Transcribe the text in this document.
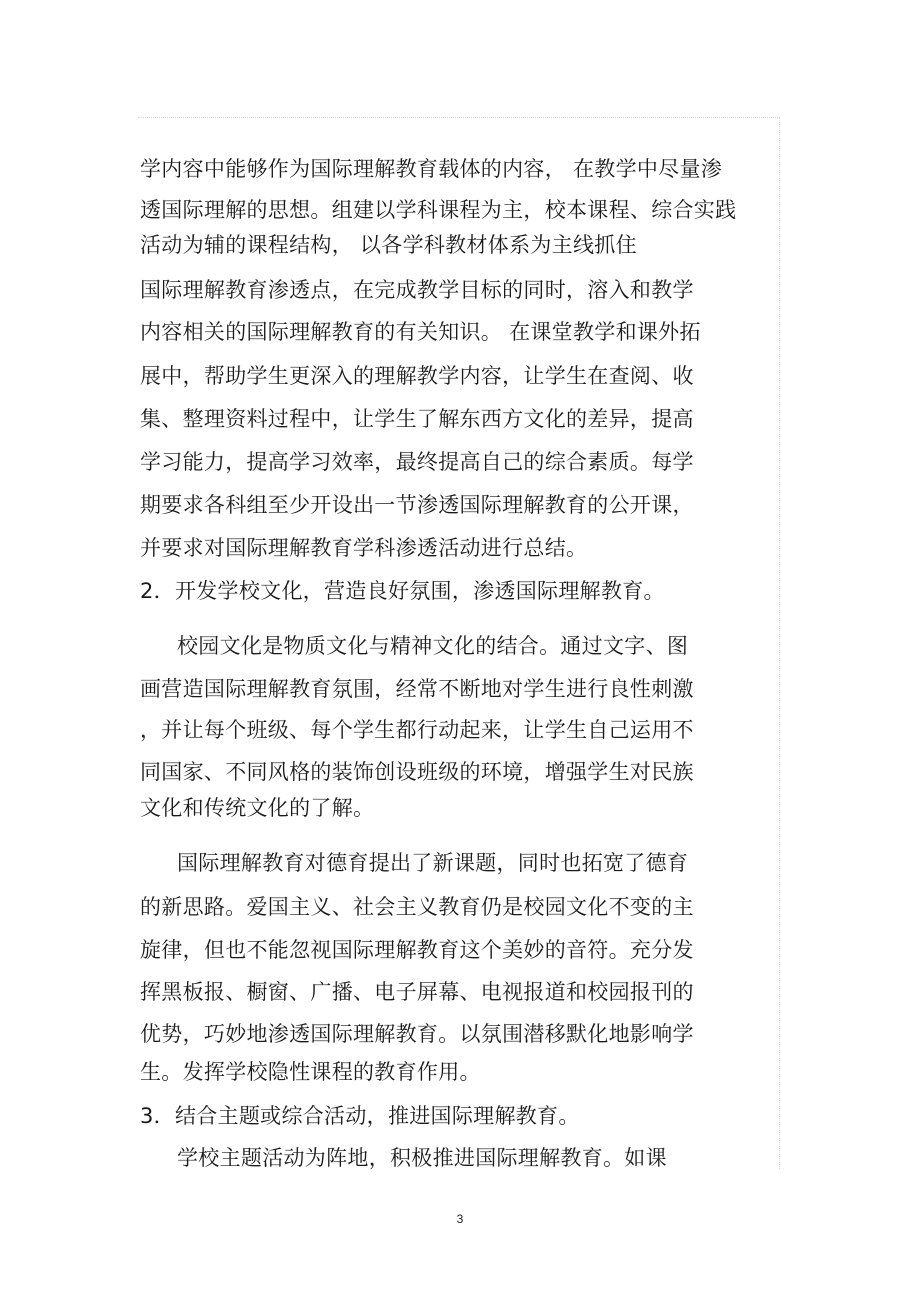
学内容中能够作为国际理解教育载体的内容， 在教学中尽量渗
透国际理解的思想。组建以学科课程为主，校本课程、综合实践
活动为辅的课程结构， 以各学科教材体系为主线抓住
国际理解教育渗透点，在完成教学目标的同时，溶入和教学
内容相关的国际理解教育的有关知识。 在课堂教学和课外拓
展中，帮助学生更深入的理解教学内容，让学生在查阅、收
集、整理资料过程中，让学生了解东西方文化的差异，提高
学习能力，提高学习效率，最终提高自己的综合素质。每学
期要求各科组至少开设出一节渗透国际理解教育的公开课，
并要求对国际理解教育学科渗透活动进行总结。
2．开发学校文化，营造良好氛围，渗透国际理解教育。
校园文化是物质文化与精神文化的结合。通过文字、图
画营造国际理解教育氛围，经常不断地对学生进行良性刺激
，并让每个班级、每个学生都行动起来，让学生自己运用不
同国家、不同风格的装饰创设班级的环境，增强学生对民族
文化和传统文化的了解。
国际理解教育对德育提出了新课题，同时也拓宽了德育
的新思路。爱国主义、社会主义教育仍是校园文化不变的主
旋律，但也不能忽视国际理解教育这个美妙的音符。充分发
挥黑板报、橱窗、广播、电子屏幕、电视报道和校园报刊的
优势，巧妙地渗透国际理解教育。以氛围潜移默化地影响学
生。发挥学校隐性课程的教育作用。
3．结合主题或综合活动，推进国际理解教育。
学校主题活动为阵地，积极推进国际理解教育。如课
3
